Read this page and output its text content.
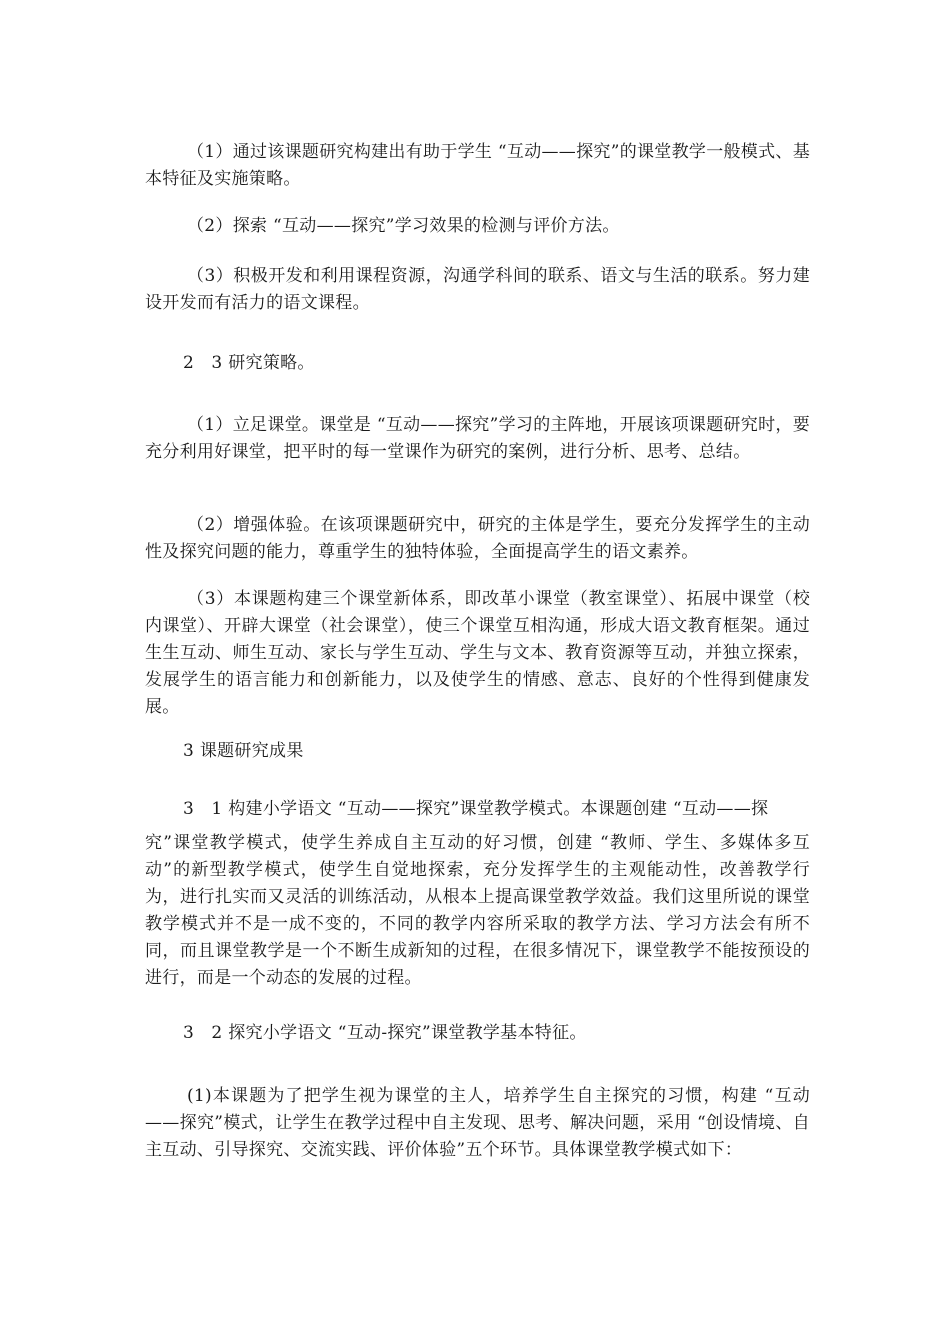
（1）通过该课题研究构建出有助于学生 “互动——探究”的课堂教学一般模式、基本特征及实施策略。

（2）探索 “互动——探究”学习效果的检测与评价方法。

（3）积极开发和利用课程资源，沟通学科间的联系、语文与生活的联系。努力建设开发而有活力的语文课程。

2　3 研究策略。

（1）立足课堂。课堂是 “互动——探究”学习的主阵地，开展该项课题研究时，要充分利用好课堂，把平时的每一堂课作为研究的案例，进行分析、思考、总结。

（2）增强体验。在该项课题研究中，研究的主体是学生，要充分发挥学生的主动性及探究问题的能力，尊重学生的独特体验，全面提高学生的语文素养。

（3）本课题构建三个课堂新体系，即改革小课堂（教室课堂）、拓展中课堂（校内课堂）、开辟大课堂（社会课堂），使三个课堂互相沟通，形成大语文教育框架。通过生生互动、师生互动、家长与学生互动、学生与文本、教育资源等互动，并独立探索，发展学生的语言能力和创新能力，以及使学生的情感、意志、良好的个性得到健康发展。

3 课题研究成果

3　1 构建小学语文 “互动——探究”课堂教学模式。本课题创建 “互动——探

究”课堂教学模式，使学生养成自主互动的好习惯，创建 “教师、学生、多媒体多互动”的新型教学模式，使学生自觉地探索，充分发挥学生的主观能动性，改善教学行为，进行扎实而又灵活的训练活动，从根本上提高课堂教学效益。我们这里所说的课堂教学模式并不是一成不变的，不同的教学内容所采取的教学方法、学习方法会有所不同，而且课堂教学是一个不断生成新知的过程，在很多情况下，课堂教学不能按预设的进行，而是一个动态的发展的过程。

3　2 探究小学语文 “互动-探究”课堂教学基本特征。

(1)本课题为了把学生视为课堂的主人，培养学生自主探究的习惯，构建 “互动——探究”模式，让学生在教学过程中自主发现、思考、解决问题，采用 “创设情境、自主互动、引导探究、交流实践、评价体验”五个环节。具体课堂教学模式如下：
